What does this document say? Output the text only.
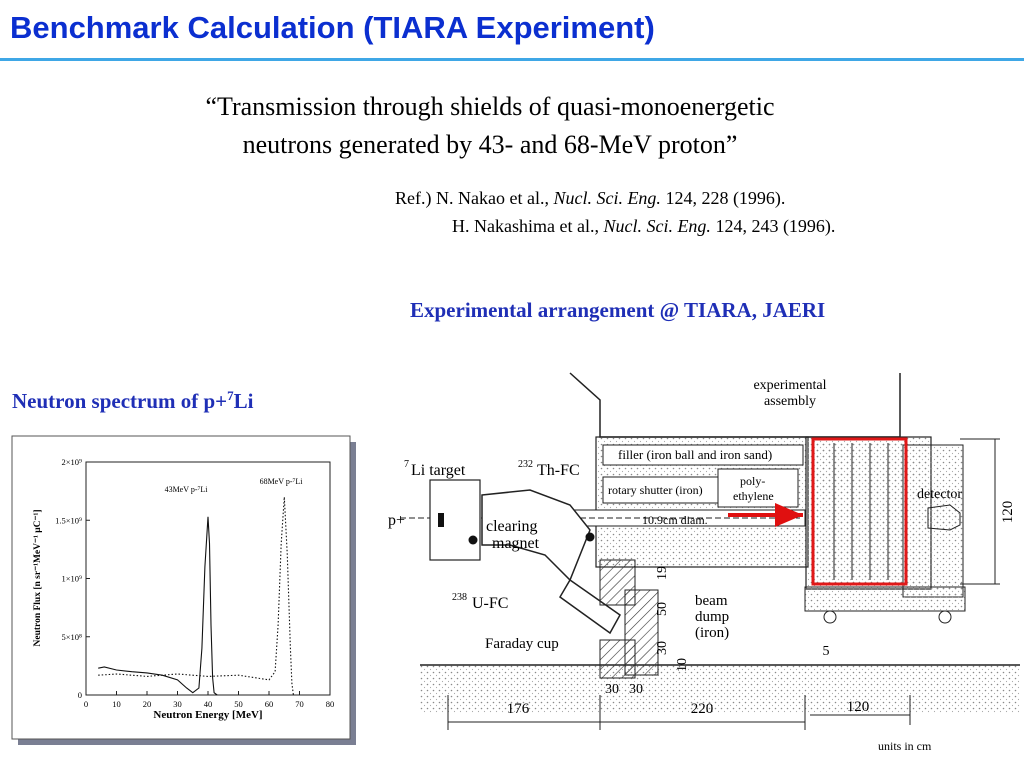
Benchmark Calculation (TIARA Experiment)
“Transmission through shields of quasi-monoenergetic
neutrons generated by 43- and 68-MeV proton”
Ref.) N. Nakao et al., Nucl. Sci. Eng. 124, 228 (1996).
H. Nakashima et al., Nucl. Sci. Eng. 124, 243 (1996).
Experimental arrangement @ TIARA, JAERI
Neutron spectrum of p+$^7$Li
0	10	20	30	40	50	60	70	80
0
5×10⁸
1×10⁹
1.5×10⁹
2×10⁹
Neutron Flux [n sr⁻¹MeV⁻¹ μC⁻¹]
Neutron Energy [MeV]
43MeV p-⁷Li
68MeV p-⁷Li
experimental
assembly
filler (iron ball and iron sand)
rotary shutter (iron)
poly-
ethylene	detector
7 Li target	232 Th-FC
clearing
magnet
p+	10.9cm diam.
238 U-FC
Faraday cup
beam
dump
(iron)
units in cm
176	220	120
30 30
19
50
30
10
120
5
